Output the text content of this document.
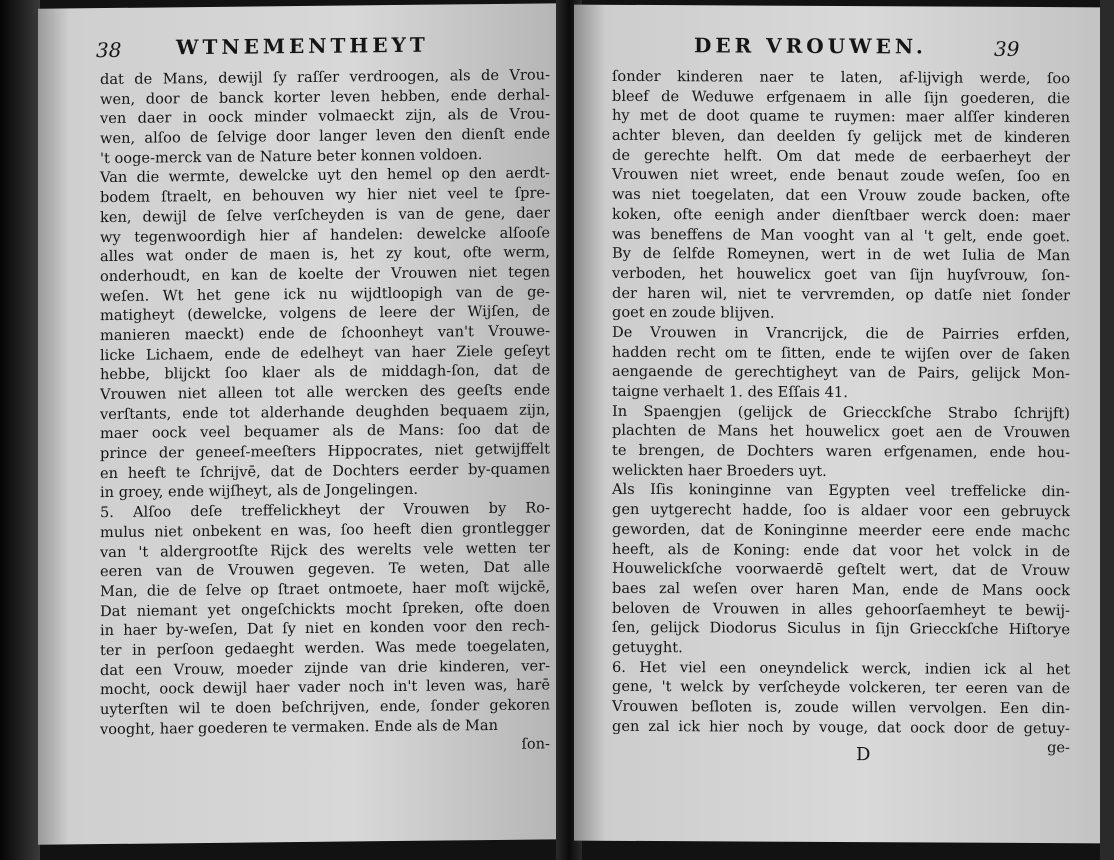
38	WTNEMENTHEYT
dat de Mans, dewijl ſy raſſer verdroogen, als de Vrou-
wen, door de banck korter leven hebben, ende derhal-
ven daer in oock minder volmaeckt zijn, als de Vrou-
wen, alſoo de ſelvige door langer leven den dienſt ende
't ooge-merck van de Nature beter konnen voldoen.
Van die wermte, dewelcke uyt den hemel op den aerdt-
bodem ſtraelt, en behouven wy hier niet veel te ſpre-
ken, dewijl de ſelve verſcheyden is van de gene, daer
wy tegenwoordigh hier af handelen: dewelcke alſooſe
alles wat onder de maen is, het zy kout, ofte werm,
onderhoudt, en kan de koelte der Vrouwen niet tegen
weſen. Wt het gene ick nu wijdtloopigh van de ge-
matigheyt (dewelcke, volgens de leere der Wijſen, de
manieren maeckt) ende de ſchoonheyt van't Vrouwe-
licke Lichaem, ende de edelheyt van haer Ziele geſeyt
hebbe, blijckt ſoo klaer als de middagh-ſon, dat de
Vrouwen niet alleen tot alle wercken des geeſts ende
verſtants, ende tot alderhande deughden bequaem zijn,
maer oock veel bequamer als de Mans: ſoo dat de
prince der geneeſ-meeſters Hippocrates, niet getwijffelt
en heeft te ſchrijvē, dat de Dochters eerder by-quamen
in groey, ende wijſheyt, als de Jongelingen.
5. Alſoo deſe treffelickheyt der Vrouwen by Ro-
mulus niet onbekent en was, ſoo heeft dien grontlegger
van 't aldergrootſte Rijck des werelts vele wetten ter
eeren van de Vrouwen gegeven. Te weten, Dat alle
Man, die de ſelve op ſtraet ontmoete, haer moſt wijckē,
Dat niemant yet ongeſchickts mocht ſpreken, ofte doen
in haer by-weſen, Dat ſy niet en konden voor den rech-
ter in perſoon gedaeght werden. Was mede toegelaten,
dat een Vrouw, moeder zijnde van drie kinderen, ver-
mocht, oock dewijl haer vader noch in't leven was, harē
uyterſten wil te doen beſchrijven, ende, ſonder gekoren
vooght, haer goederen te vermaken. Ende als de Man
ſon-
DER VROUWEN.	39
ſonder kinderen naer te laten, af-lijvigh werde, ſoo
bleef de Weduwe erfgenaem in alle ſijn goederen, die
hy met de doot quame te ruymen: maer alſſer kinderen
achter bleven, dan deelden ſy gelijck met de kinderen
de gerechte helft. Om dat mede de eerbaerheyt der
Vrouwen niet wreet, ende benaut zoude weſen, ſoo en
was niet toegelaten, dat een Vrouw zoude backen, ofte
koken, ofte eenigh ander dienſtbaer werck doen: maer
was beneffens de Man vooght van al 't gelt, ende goet.
By de ſelfde Romeynen, wert in de wet Iulia de Man
verboden, het houwelicx goet van ſijn huyſvrouw, ſon-
der haren wil, niet te vervremden, op datſe niet ſonder
goet en zoude blijven.
De Vrouwen in Vrancrijck, die de Pairries erfden,
hadden recht om te ſitten, ende te wijſen over de ſaken
aengaende de gerechtigheyt van de Pairs, gelijck Mon-
taigne verhaelt 1. des Eſſais 41.
In Spaengjen (gelijck de Griecckſche Strabo ſchrijft)
plachten de Mans het houwelicx goet aen de Vrouwen
te brengen, de Dochters waren erfgenamen, ende hou-
welickten haer Broeders uyt.
Als Iſis koninginne van Egypten veel treffelicke din-
gen uytgerecht hadde, ſoo is aldaer voor een gebruyck
geworden, dat de Koninginne meerder eere ende machc
heeft, als de Koning: ende dat voor het volck in de
Houwelickſche voorwaerdē geſtelt wert, dat de Vrouw
baes zal weſen over haren Man, ende de Mans oock
beloven de Vrouwen in alles gehoorſaemheyt te bewij-
ſen, gelijck Diodorus Siculus in ſijn Griecckſche Hiſtorye
getuyght.
6. Het viel een oneyndelick werck, indien ick al het
gene, 't welck by verſcheyde volckeren, ter eeren van de
Vrouwen beſloten is, zoude willen vervolgen. Een din-
gen zal ick hier noch by vouge, dat oock door de getuy-
ge-
D
